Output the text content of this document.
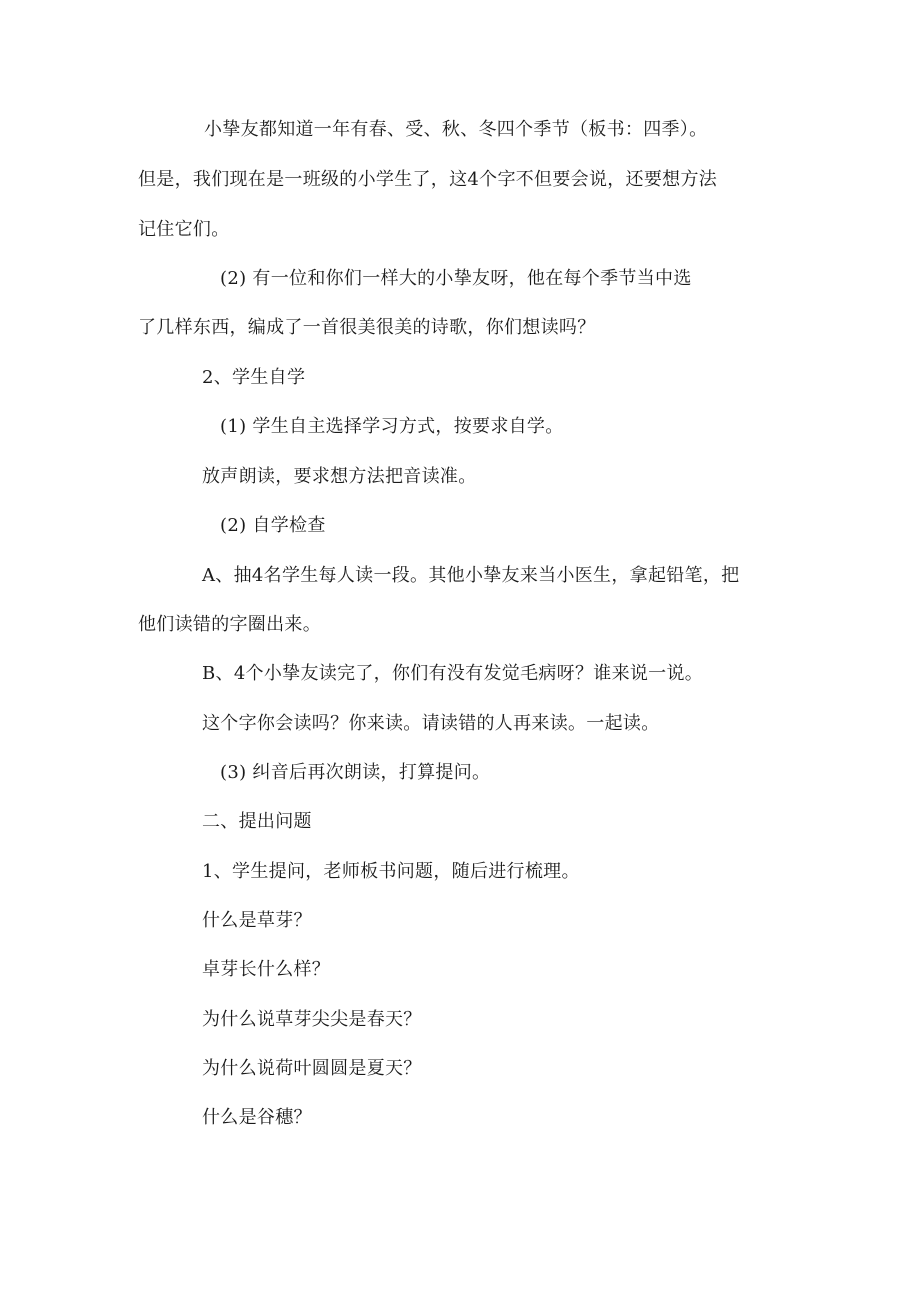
小挚友都知道一年有春、受、秋、冬四个季节（板书：四季）。
但是，我们现在是一班级的小学生了，这4个字不但要会说，还要想方法
记住它们。
(2) 有一位和你们一样大的小挚友呀，他在每个季节当中选
了几样东西，编成了一首很美很美的诗歌，你们想读吗？
2、学生自学
(1) 学生自主选择学习方式，按要求自学。
放声朗读，要求想方法把音读准。
(2) 自学检查
A、抽4名学生每人读一段。其他小挚友来当小医生，拿起铅笔，把
他们读错的字圈出来。
B、4个小挚友读完了，你们有没有发觉毛病呀？谁来说一说。
这个字你会读吗？你来读。请读错的人再来读。一起读。
(3) 纠音后再次朗读，打算提问。
二、提出问题
1、学生提问，老师板书问题，随后进行梳理。
什么是草芽？
卓芽长什么样？
为什么说草芽尖尖是春天？
为什么说荷叶圆圆是夏天？
什么是谷穗？
